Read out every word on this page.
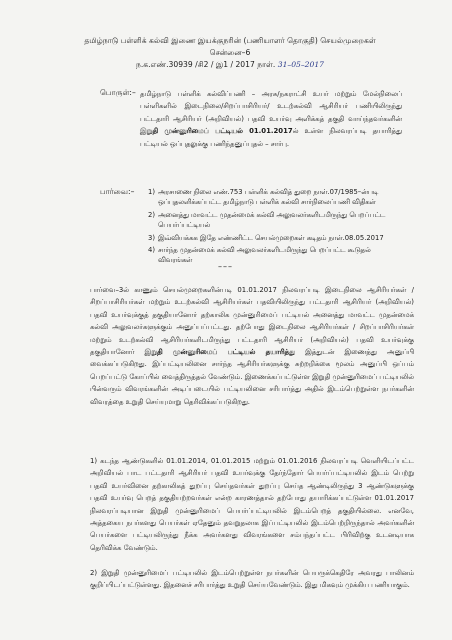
தமிழ்நாடு பள்ளிக் கல்வி இணை இயக்குநரின் (பணியாளர் தொகுதி) செயல்முறைகள்
சென்னை–6
ந.க.எண்.30939 /சி2 / இ1 / 2017 நாள். 31–05–2017
பொருள்:– தமிழ்நாடு பள்ளிக் கல்விப்பணி – அரசு/நகராட்சி உயர் மற்றும் மேல்நிலைப் பள்ளிகளில் இடைநிலை/சிறப்பாசிரியர்/ உடற்கல்வி ஆசிரியர் பணியிலிருந்து பட்டதாரி ஆசிரியர் (அறிவியல்) பதவி உயர்வு அளிக்கத் தகுதி வாய்ந்தவர்களின் இறுதி முன்னுரிமைப் பட்டியல் 01.01.2017ல் உள்ள நிலவரப்படி தயாரித்து பட்டியல் ஒப்புதலுக்கு பணிந்தனுப்புதல் – சார்பு.
பார்வை:– 1) அரசாணை நிலை எண்.753 பள்ளிக் கல்வித் துறை நாள்.07/1985–ன்படி ஒப்புதலளிக்கப்பட்ட தமிழ்நாடு பள்ளிக் கல்வி சார்நிலைப்பணி விதிகள்
2) அனைத்து மாவட்ட முதன்மைக் கல்வி அலுவலர்களிடமிருந்து பெறப்பட்ட பெயர்ப்பட்டியல்
3) இவ்வியக்கக இதே எண்ணிட்ட செயல்முறைகள் கடிதம் நாள்.08.05.2017
4) சார்ந்த முதன்மைக் கல்வி அலுவலர்களிடமிருந்து பெறப்பட்ட கூடுதல் விவரங்கள்
–––
பார்வை–3ல் காணும் செயல்முறைகளின்படி 01.01.2017 நிலவரப்படி இடைநிலை ஆசிரியர்கள் / சிறப்பாசிரியர்கள் மற்றும் உடற்கல்வி ஆசிரியர்கள் பதவியிலிருந்து பட்டதாரி ஆசிரியர் (அறிவியல்) பதவி உயர்வுக்குத் தகுதியானோர் தற்காலிக முன்னுரிமைப் பட்டியல் அனைத்து மாவட்ட முதன்மைக் கல்வி அலுவலர்களுக்கும் அனுப்பப்பட்டது. தற்போது இடைநிலை ஆசிரியர்கள் / சிறப்பாசிரியர்கள் மற்றும் உடற்கல்வி ஆசிரியர்களிடமிருந்து பட்டதாரி ஆசிரியர் (அறிவியல்) பதவி உயர்வுக்கு தகுதியானோர் இறுதி முன்னுரிமைப் பட்டியல் தயாரித்து இத்துடன் இணைத்து அனுப்பி வைக்கப்படுகிறது. இப்பட்டியலினை சார்ந்த ஆசிரியர்களுக்கு சுற்றறிக்கை மூலம் அனுப்பி ஒப்பம் பெறப்பட்டு கோப்பில் வைத்திருத்தல் வேண்டும். இணைக்கப்பட்டுள்ள இறுதி முன்னுரிமைப் பட்டியலில் பின்வரும் விவரங்களின் அடிப்படையில் பட்டியலினை சரிபார்த்து அதில் இடம்பெற்றுள்ள நபர்களின் விவரத்தை உறுதி செய்யுமாறு தெரிவிக்கப்படுகிறது.
1) கடந்த ஆண்டுகளில் 01.01.2014, 01.01.2015 மற்றும் 01.01.2016 நிலவரப்படி வெளியிடப்பட்ட அறிவியல் பாட பட்டதாரி ஆசிரியர் பதவி உயர்வுக்கு தேர்ந்தோர் பெயர்ப்பட்டியலில் இடம் பெற்று பதவி உயர்வினை தற்காலிகத் துறப்பு செய்தவர்கள் துறப்பு செய்த ஆண்டிலிருந்து 3 ஆண்டுகளுக்கு பதவி உயர்வு பெறத் தகுதியற்றவர்கள் என்ற காரணத்தால் தற்போது தயாரிக்கப்பட்டுள்ள 01.01.2017 நிலவரப்படியான இறுதி முன்னுரிமைப் பெயர்ப்பட்டியலில் இடம்பெறத் தகுதியில்லை. எனவே, அத்தகைய நபர்களது பெயர்கள் ஏதேனும் தவறுதலாக இப்பட்டியலில் இடம்பெற்றிருந்தால் அவர்களின் பெயர்களை பட்டியலிருந்து நீக்க அவர்களது விவரங்களை சம்பந்தப்பட்ட பிரிவிற்கு உடனடியாக தெரிவிக்க வேண்டும்.
2) இறுதி முன்னுரிமைப் பட்டியலில் இடம்பெற்றுள்ள நபர்களின் பெயருக்கெதிரே அவரது பாலினம் குறிப்பிடப்பட்டுள்ளது. இதனைச் சரிபார்த்து உறுதி செய்யவேண்டும். இது மிகவும் முக்கிய பணியாகும்.
